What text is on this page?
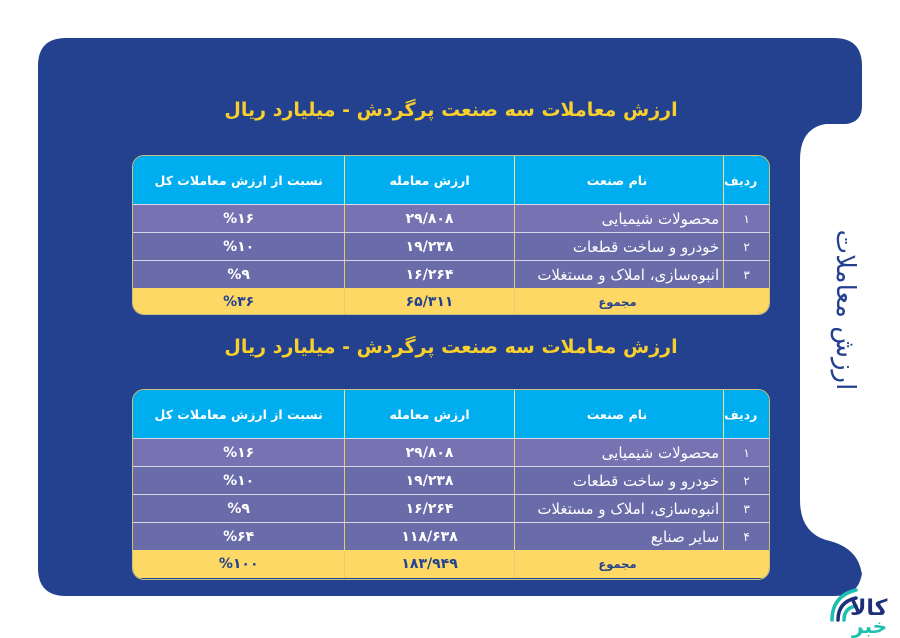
ارزش معاملات سه صنعت پرگردش - میلیارد ریال
ردیف
نام صنعت
ارزش معامله
نسبت از ارزش معاملات کل
۱
محصولات شیمیایی
۲۹/۸۰۸
%۱۶
۲
خودرو و ساخت قطعات
۱۹/۲۳۸
%۱۰
۳
انبوه‌سازی، املاک و مستغلات
۱۶/۲۶۴
%۹
مجموع
۶۵/۳۱۱
%۳۶
ارزش معاملات سه صنعت پرگردش - میلیارد ریال
ردیف
نام صنعت
ارزش معامله
نسبت از ارزش معاملات کل
۱
محصولات شیمیایی
۲۹/۸۰۸
%۱۶
۲
خودرو و ساخت قطعات
۱۹/۲۳۸
%۱۰
۳
انبوه‌سازی، املاک و مستغلات
۱۶/۲۶۴
%۹
۴
سایر صنایع
۱۱۸/۶۳۸
%۶۴
مجموع
۱۸۳/۹۴۹
%۱۰۰
ارزش معاملات
کالا
خبر
